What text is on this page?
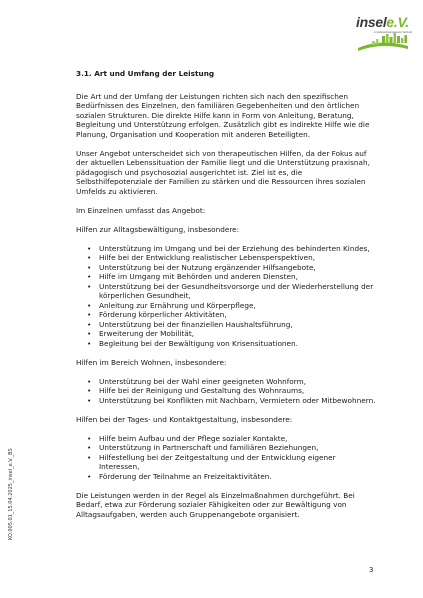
insele.V.
in Gebrauchsanweisung Verbund
3.1. Art und Umfang der Leistung

Die Art und der Umfang der Leistungen richten sich nach den spezifischen Bedürfnissen des Einzelnen, den familiären Gegebenheiten und den örtlichen sozialen Strukturen. Die direkte Hilfe kann in Form von Anleitung, Beratung, Begleitung und Unterstützung erfolgen. Zusätzlich gibt es indirekte Hilfe wie die Planung, Organisation und Kooperation mit anderen Beteiligten.

Unser Angebot unterscheidet sich von therapeutischen Hilfen, da der Fokus auf der aktuellen Lebenssituation der Familie liegt und die Unterstützung praxisnah, pädagogisch und psychosozial ausgerichtet ist. Ziel ist es, die Selbsthilfepotenziale der Familien zu stärken und die Ressourcen ihres sozialen Umfelds zu aktivieren.

Im Einzelnen umfasst das Angebot:

Hilfen zur Alltagsbewältigung, insbesondere:

• Unterstützung im Umgang und bei der Erziehung des behinderten Kindes,
• Hilfe bei der Entwicklung realistischer Lebensperspektiven,
• Unterstützung bei der Nutzung ergänzender Hilfsangebote,
• Hilfe im Umgang mit Behörden und anderen Diensten,
• Unterstützung bei der Gesundheitsvorsorge und der Wiederherstellung der körperlichen Gesundheit,
• Anleitung zur Ernährung und Körperpflege,
• Förderung körperlicher Aktivitäten,
• Unterstützung bei der finanziellen Haushaltsführung,
• Erweiterung der Mobilität,
• Begleitung bei der Bewältigung von Krisensituationen.

Hilfen im Bereich Wohnen, insbesondere:

• Unterstützung bei der Wahl einer geeigneten Wohnform,
• Hilfe bei der Reinigung und Gestaltung des Wohnraums,
• Unterstützung bei Konflikten mit Nachbarn, Vermietern oder Mitbewohnern.

Hilfen bei der Tages- und Kontaktgestaltung, insbesondere:

• Hilfe beim Aufbau und der Pflege sozialer Kontakte,
• Unterstützung in Partnerschaft und familiären Beziehungen,
• Hilfestellung bei der Zeitgestaltung und der Entwicklung eigener Interessen,
• Förderung der Teilnahme an Freizeitaktivitäten.

Die Leistungen werden in der Regel als Einzelmaßnahmen durchgeführt. Bei Bedarf, etwa zur Förderung sozialer Fähigkeiten oder zur Bewältigung von Alltagsaufgaben, werden auch Gruppenangebote organisiert.

KO.005.01_15.04.2025_insel_e.V._BS
3
